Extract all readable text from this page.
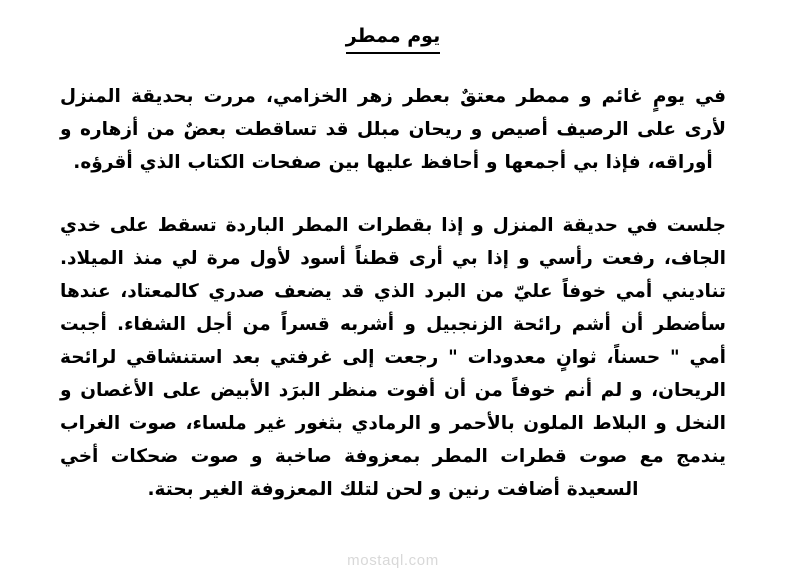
يوم ممطر

في يومٍ غائم و ممطر معتقٌ بعطر زهر الخزامي، مررت بحديقة المنزل لأرى على الرصيف أصيص و ريحان مبلل قد تساقطت بعضٌ من أزهاره و أوراقه، فإذا بي أجمعها و أحافظ عليها بين صفحات الكتاب الذي أقرؤه.

جلست في حديقة المنزل و إذا بقطرات المطر الباردة تسقط على خدي الجاف، رفعت رأسي و إذا بي أرى قطناً أسود لأول مرة لي منذ الميلاد. تناديني أمي خوفاً عليّ من البرد الذي قد يضعف صدري كالمعتاد، عندها سأضطر أن أشم رائحة الزنجبيل و أشربه قسراً من أجل الشفاء. أجبت أمي " حسناً، ثوانٍ معدودات " رجعت إلى غرفتي بعد استنشاقي لرائحة الريحان، و لم أنم خوفاً من أن أفوت منظر البرَد الأبيض على الأغصان و النخل و البلاط الملون بالأحمر و الرمادي بثغور غير ملساء، صوت الغراب يندمج مع صوت قطرات المطر بمعزوفة صاخبة و صوت ضحكات أخي السعيدة أضافت رنين و لحن لتلك المعزوفة الغير بحتة.

mostaql.com
